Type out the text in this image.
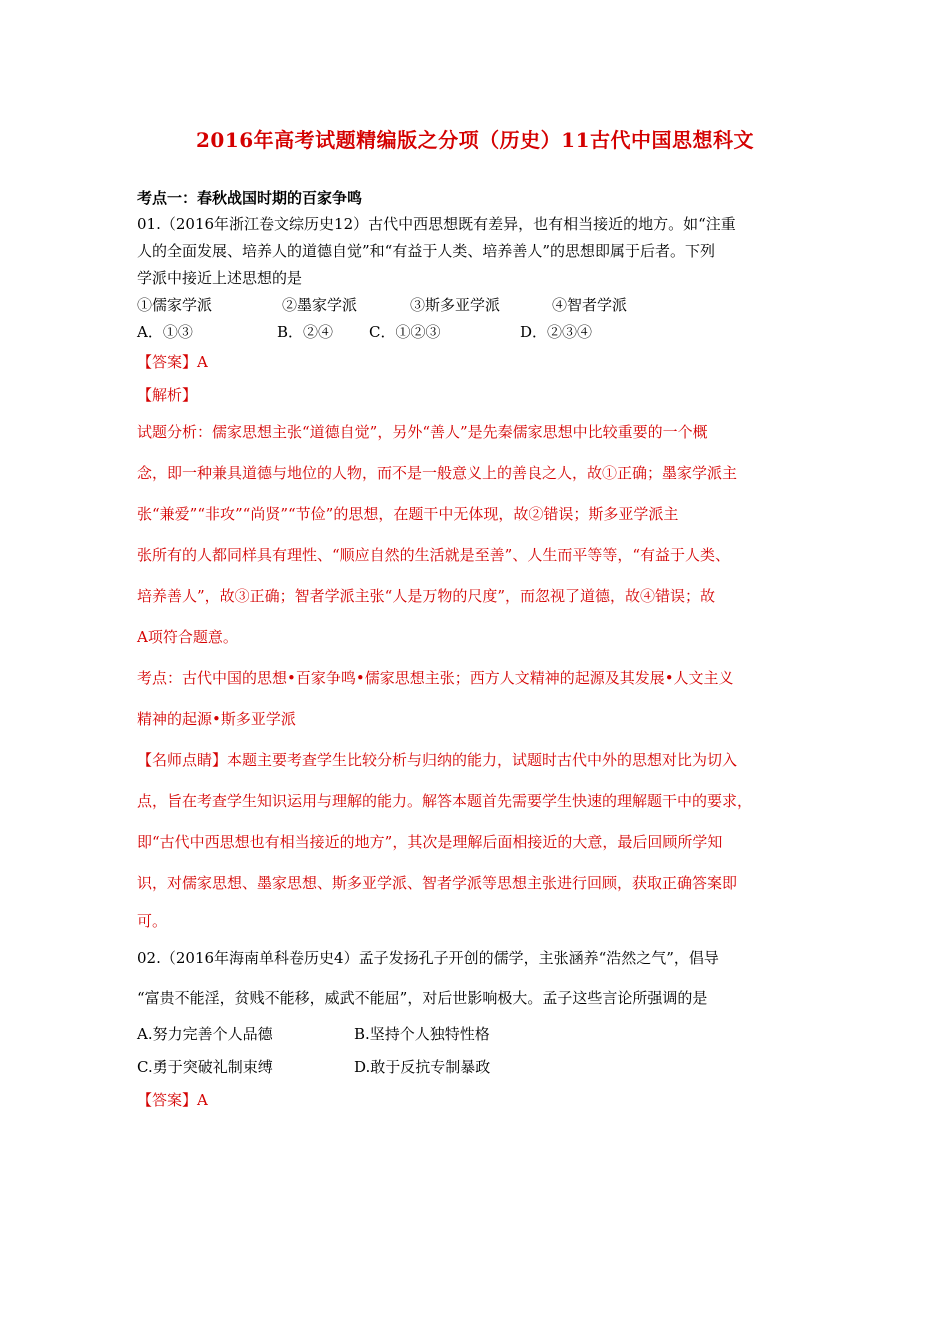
2016年高考试题精编版之分项（历史）11古代中国思想科文
考点一：春秋战国时期的百家争鸣
01.（2016年浙江卷文综历史12）古代中西思想既有差异，也有相当接近的地方。如“注重
人的全面发展、培养人的道德自觉”和“有益于人类、培养善人”的思想即属于后者。下列
学派中接近上述思想的是
①儒家学派	②墨家学派	③斯多亚学派	④智者学派
A．①③	B．②④	C．①②③	D．②③④
【答案】A
【解析】
试题分析：儒家思想主张“道德自觉”，另外“善人”是先秦儒家思想中比较重要的一个概
念，即一种兼具道德与地位的人物，而不是一般意义上的善良之人，故①正确；墨家学派主
张“兼爱”“非攻”“尚贤”“节俭”的思想，在题干中无体现，故②错误；斯多亚学派主
张所有的人都同样具有理性、“顺应自然的生活就是至善”、人生而平等等，“有益于人类、
培养善人”，故③正确；智者学派主张“人是万物的尺度”，而忽视了道德，故④错误；故
A项符合题意。
考点：古代中国的思想•百家争鸣•儒家思想主张；西方人文精神的起源及其发展•人文主义
精神的起源•斯多亚学派
【名师点睛】本题主要考查学生比较分析与归纳的能力，试题时古代中外的思想对比为切入
点，旨在考查学生知识运用与理解的能力。解答本题首先需要学生快速的理解题干中的要求，
即“古代中西思想也有相当接近的地方”，其次是理解后面相接近的大意，最后回顾所学知
识，对儒家思想、墨家思想、斯多亚学派、智者学派等思想主张进行回顾，获取正确答案即
可。
02.（2016年海南单科卷历史4）孟子发扬孔子开创的儒学，主张涵养“浩然之气”，倡导
“富贵不能淫，贫贱不能移，威武不能屈”，对后世影响极大。孟子这些言论所强调的是
A.努力完善个人品德	B.坚持个人独特性格
C.勇于突破礼制束缚	D.敢于反抗专制暴政
【答案】A
